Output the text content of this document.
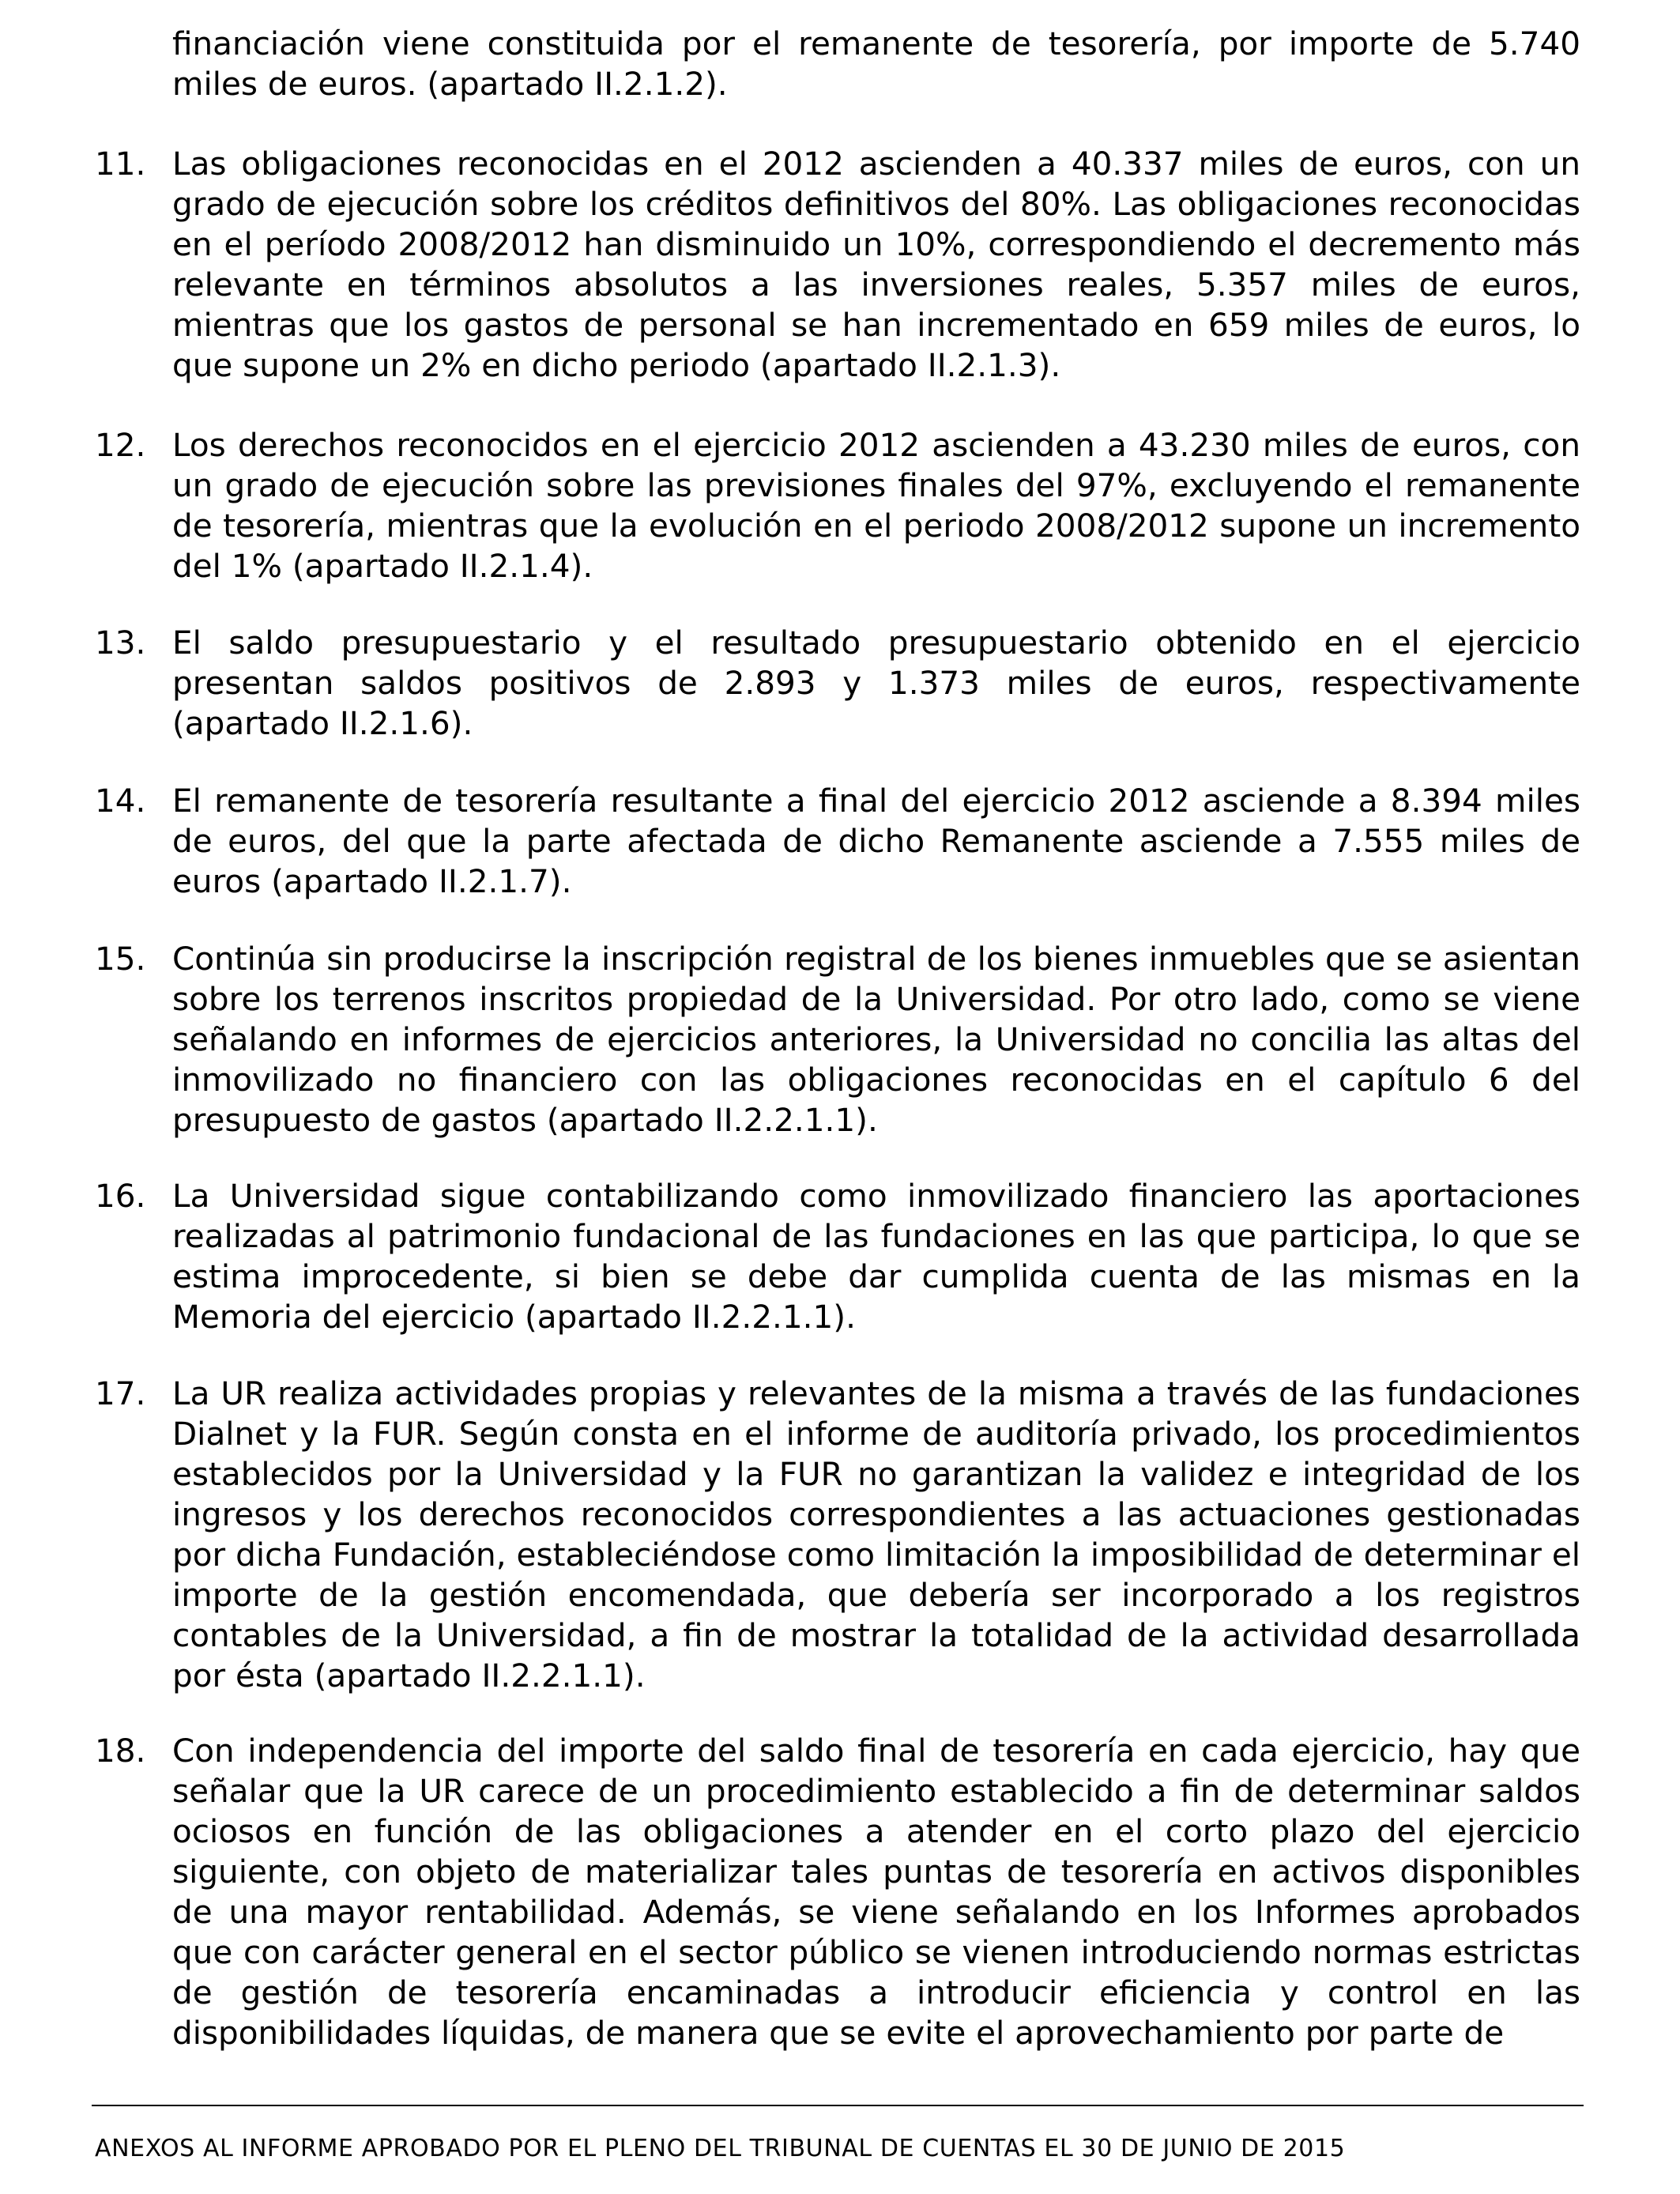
financiación viene constituida por el remanente de tesorería, por importe de 5.740 miles de euros. (apartado II.2.1.2).

11. Las obligaciones reconocidas en el 2012 ascienden a 40.337 miles de euros, con un grado de ejecución sobre los créditos definitivos del 80%. Las obligaciones reconocidas en el período 2008/2012 han disminuido un 10%, correspondiendo el decremento más relevante en términos absolutos a las inversiones reales, 5.357 miles de euros, mientras que los gastos de personal se han incrementado en 659 miles de euros, lo que supone un 2% en dicho periodo (apartado II.2.1.3).

12. Los derechos reconocidos en el ejercicio 2012 ascienden a 43.230 miles de euros, con un grado de ejecución sobre las previsiones finales del 97%, excluyendo el remanente de tesorería, mientras que la evolución en el periodo 2008/2012 supone un incremento del 1% (apartado II.2.1.4).

13. El saldo presupuestario y el resultado presupuestario obtenido en el ejercicio presentan saldos positivos de 2.893 y 1.373 miles de euros, respectivamente (apartado II.2.1.6).

14. El remanente de tesorería resultante a final del ejercicio 2012 asciende a 8.394 miles de euros, del que la parte afectada de dicho Remanente asciende a 7.555 miles de euros (apartado II.2.1.7).

15. Continúa sin producirse la inscripción registral de los bienes inmuebles que se asientan sobre los terrenos inscritos propiedad de la Universidad. Por otro lado, como se viene señalando en informes de ejercicios anteriores, la Universidad no concilia las altas del inmovilizado no financiero con las obligaciones reconocidas en el capítulo 6 del presupuesto de gastos (apartado II.2.2.1.1).

16. La Universidad sigue contabilizando como inmovilizado financiero las aportaciones realizadas al patrimonio fundacional de las fundaciones en las que participa, lo que se estima improcedente, si bien se debe dar cumplida cuenta de las mismas en la Memoria del ejercicio (apartado II.2.2.1.1).

17. La UR realiza actividades propias y relevantes de la misma a través de las fundaciones Dialnet y la FUR. Según consta en el informe de auditoría privado, los procedimientos establecidos por la Universidad y la FUR no garantizan la validez e integridad de los ingresos y los derechos reconocidos correspondientes a las actuaciones gestionadas por dicha Fundación, estableciéndose como limitación la imposibilidad de determinar el importe de la gestión encomendada, que debería ser incorporado a los registros contables de la Universidad, a fin de mostrar la totalidad de la actividad desarrollada por ésta (apartado II.2.2.1.1).

18. Con independencia del importe del saldo final de tesorería en cada ejercicio, hay que señalar que la UR carece de un procedimiento establecido a fin de determinar saldos ociosos en función de las obligaciones a atender en el corto plazo del ejercicio siguiente, con objeto de materializar tales puntas de tesorería en activos disponibles de una mayor rentabilidad. Además, se viene señalando en los Informes aprobados que con carácter general en el sector público se vienen introduciendo normas estrictas de gestión de tesorería encaminadas a introducir eficiencia y control en las disponibilidades líquidas, de manera que se evite el aprovechamiento por parte de

ANEXOS AL INFORME APROBADO POR EL PLENO DEL TRIBUNAL DE CUENTAS EL 30 DE JUNIO DE 2015
